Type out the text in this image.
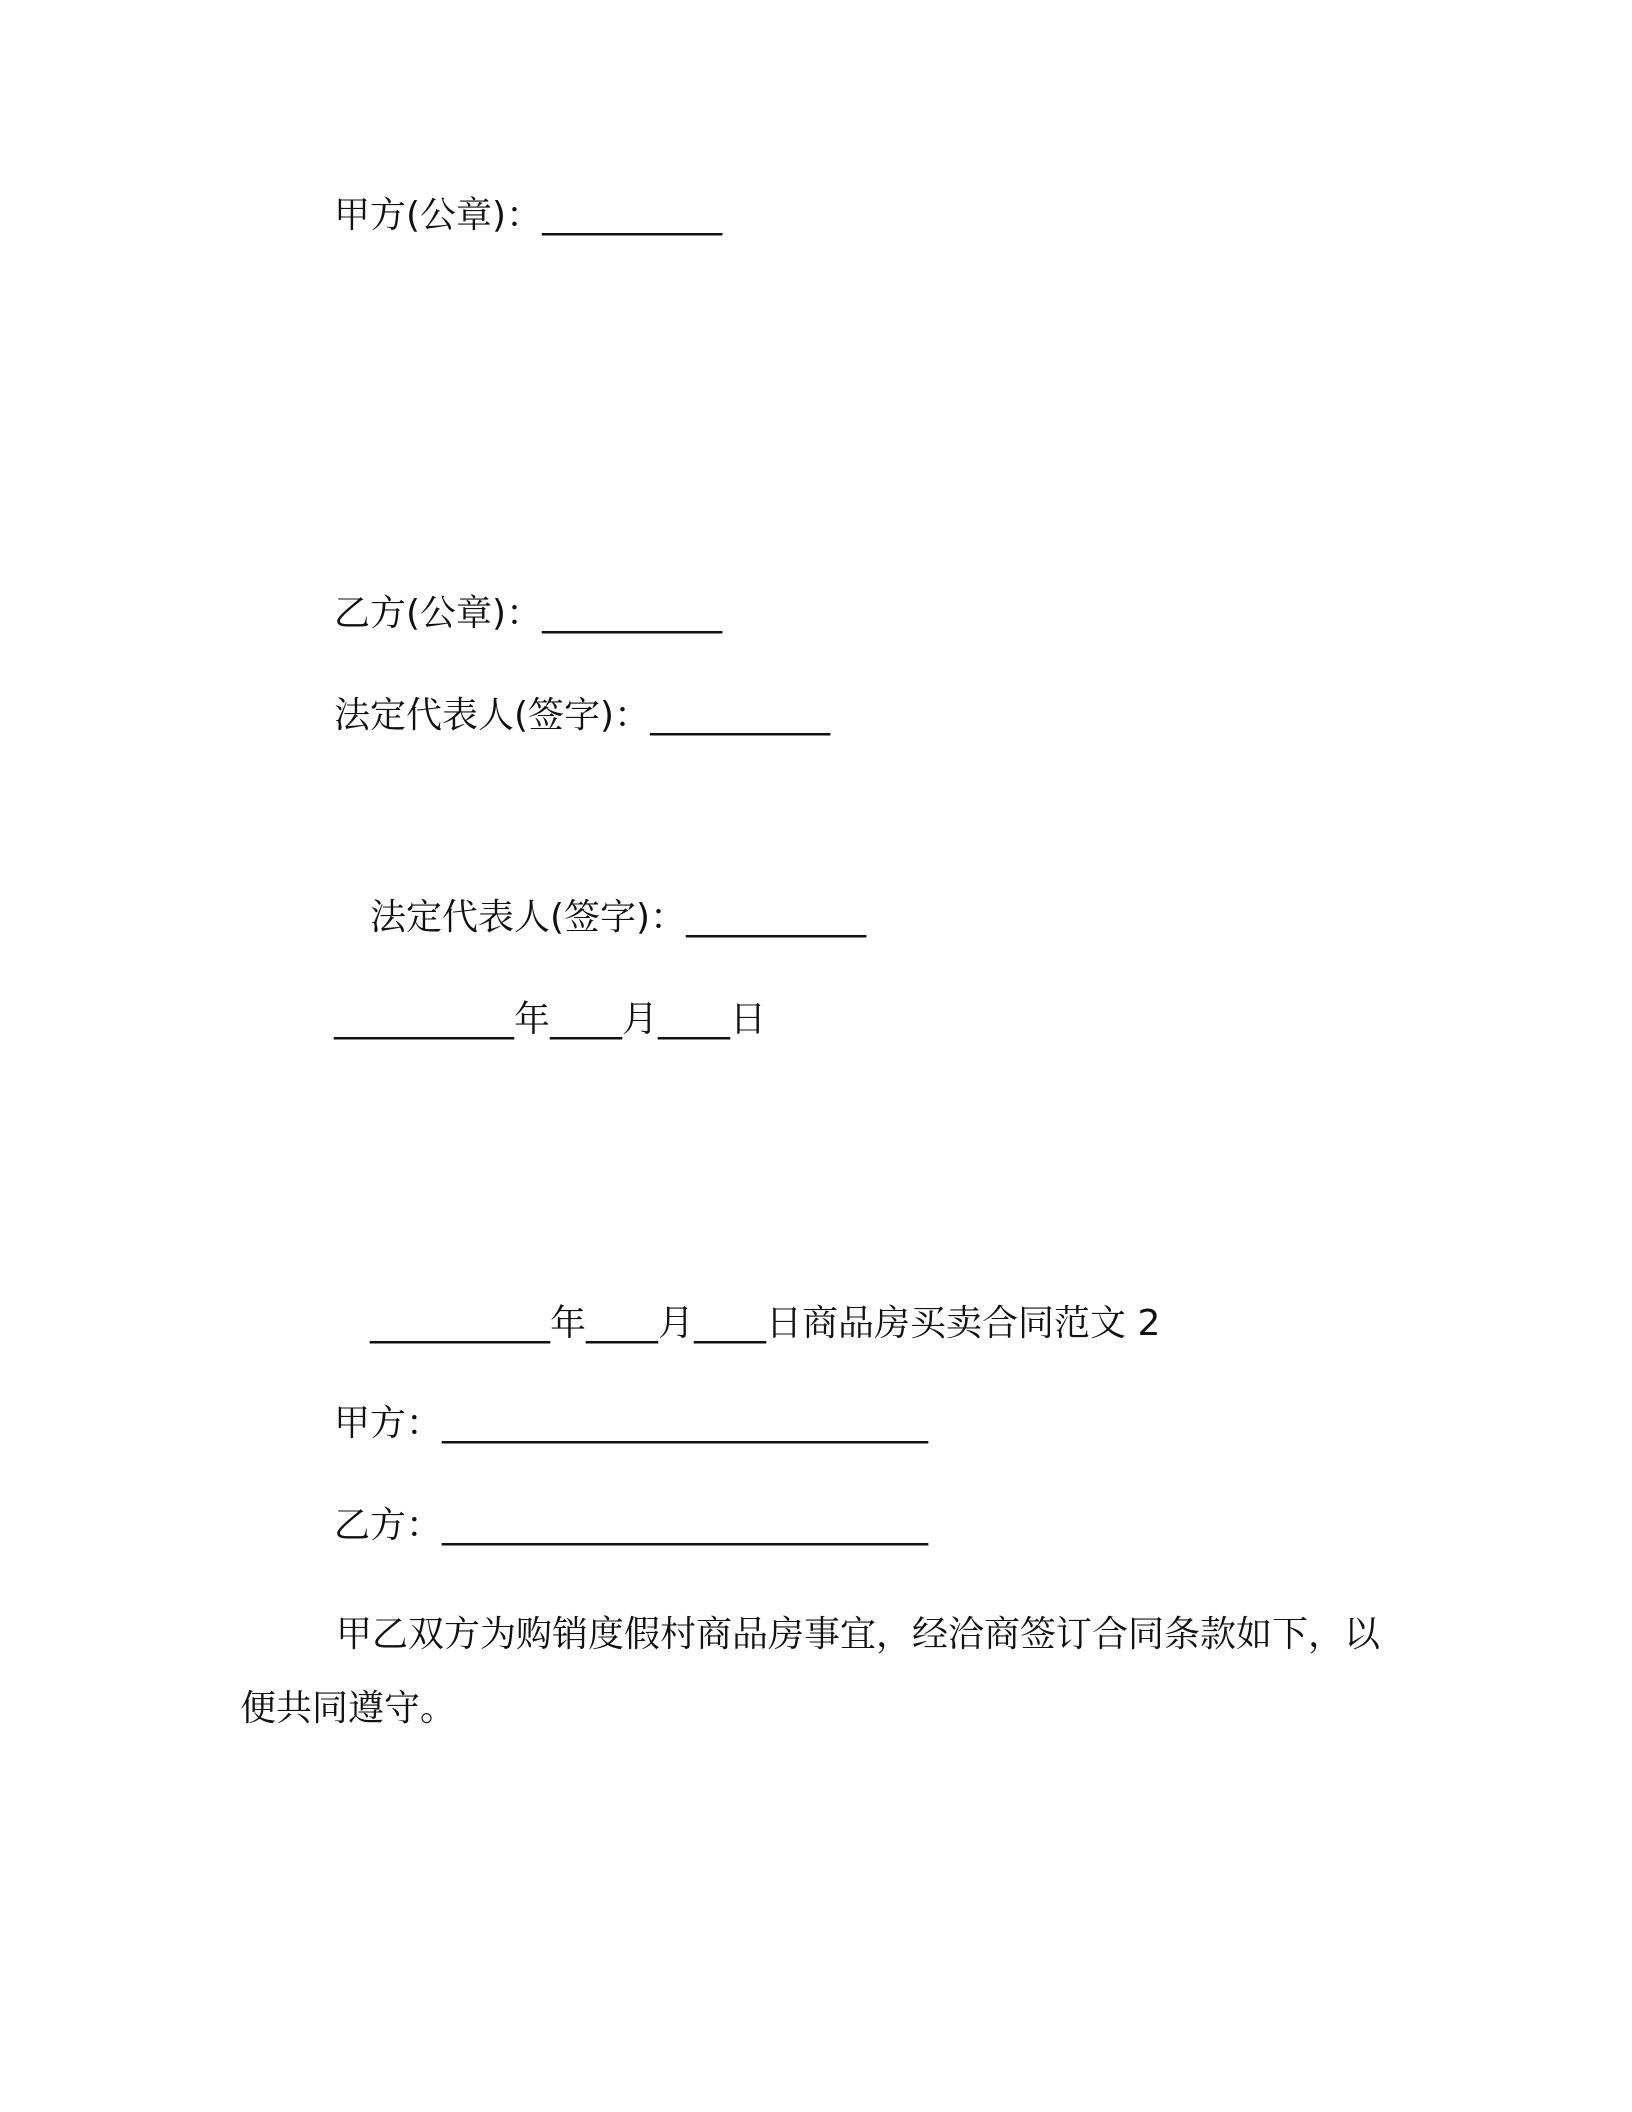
甲方(公章)：__________
乙方(公章)：__________
法定代表人(签字)：__________
法定代表人(签字)：__________
__________年____月____日
__________年____月____日商品房买卖合同范文 2
甲方：___________________________
乙方：___________________________
甲乙双方为购销度假村商品房事宜，经洽商签订合同条款如下，以便共同遵守。
